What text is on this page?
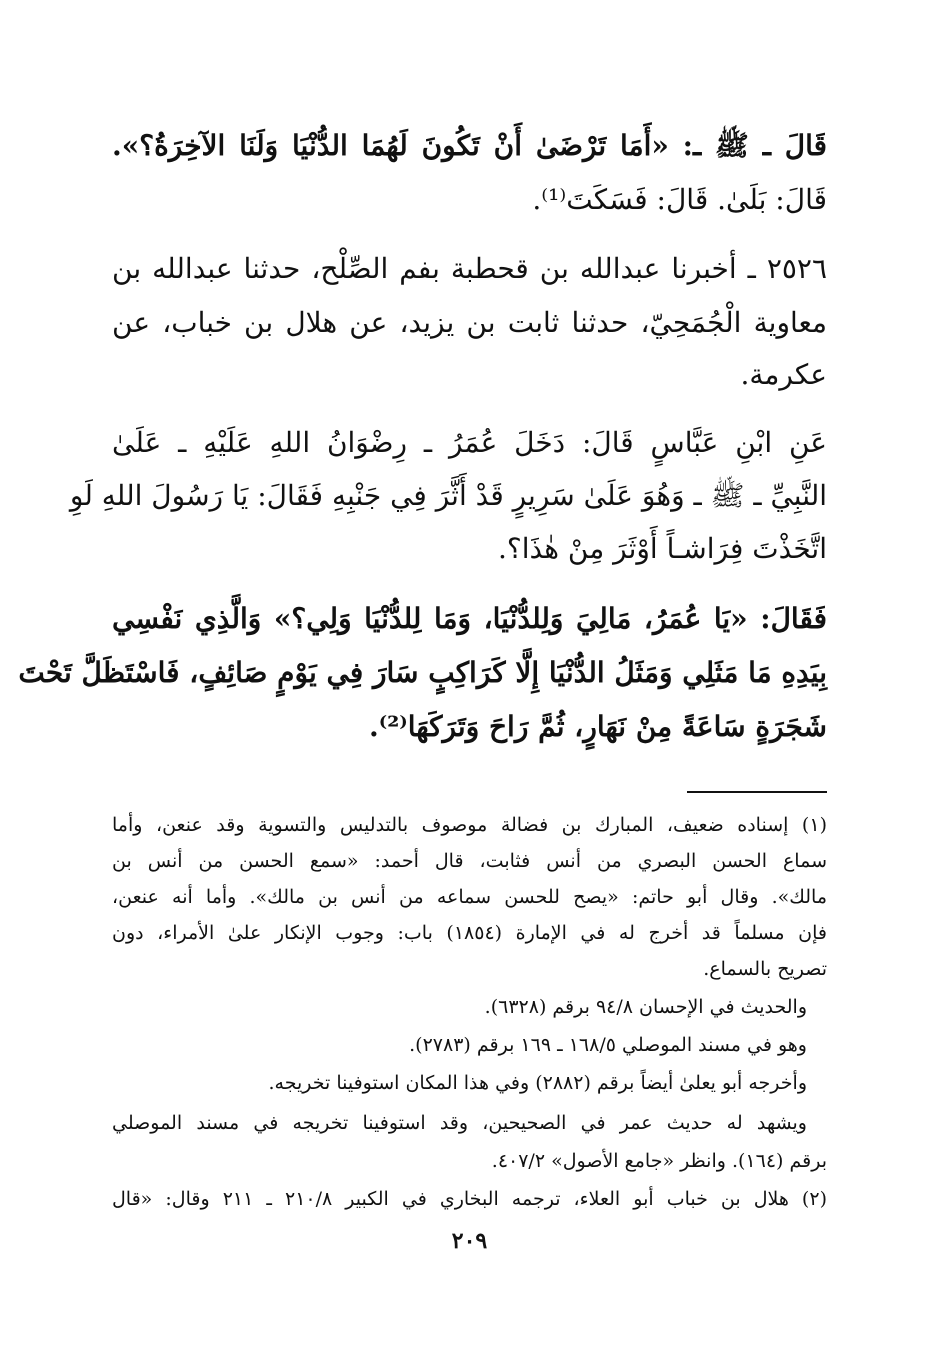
قَالَ ـ ﷺ ـ: «أَمَا تَرْضَىٰ أَنْ تَكُونَ لَهُمَا الدُّنْيَا وَلَنَا الآخِرَةُ؟».
قَالَ: بَلَىٰ. قَالَ: فَسَكَتَ⁽¹⁾.
٢٥٢٦ ـ أخبرنا عبدالله بن قحطبة بفم الصِّلْح، حدثنا عبدالله بن
معاوية الْجُمَحِيّ، حدثنا ثابت بن يزيد، عن هلال بن خباب، عن
عكرمة.
عَنِ ابْنِ عَبَّاسٍ قَالَ: دَخَلَ عُمَرُ ـ رِضْوَانُ اللهِ عَلَيْهِ ـ عَلَىٰ
النَّبِيِّ ـ ﷺ ـ وَهُوَ عَلَىٰ سَرِيرٍ قَدْ أَثَّرَ فِي جَنْبِهِ فَقَالَ: يَا رَسُولَ اللهِ لَوِ
اتَّخَذْتَ فِرَاشـاً أَوْثَرَ مِنْ هٰذَا؟.
فَقَالَ: «يَا عُمَرُ، مَالِيَ وَلِلدُّنْيَا، وَمَا لِلدُّنْيَا وَلِي؟» وَالَّذِي نَفْسِي
بِيَدِهِ مَا مَثَلِي وَمَثَلُ الدُّنْيَا إِلَّا كَرَاكِبٍ سَارَ فِي يَوْمٍ صَائِفٍ، فَاسْتَظَلَّ تَحْتَ
شَجَرَةٍ سَاعَةً مِنْ نَهَارٍ، ثُمَّ رَاحَ وَتَرَكَهَا⁽²⁾.
(١) إسناده ضعيف، المبارك بن فضالة موصوف بالتدليس والتسوية وقد عنعن، وأما
سماع الحسن البصري من أنس فثابت، قال أحمد: «سمع الحسن من أنس بن
مالك». وقال أبو حاتم: «يصح للحسن سماعه من أنس بن مالك». وأما أنه عنعن،
فإن مسلماً قد أخرج له في الإمارة (١٨٥٤) باب: وجوب الإنكار علىٰ الأمراء، دون
تصريح بالسماع.
والحديث في الإحسان ٩٤/٨ برقم (٦٣٢٨).
وهو في مسند الموصلي ١٦٨/٥ ـ ١٦٩ برقم (٢٧٨٣).
وأخرجه أبو يعلىٰ أيضاً برقم (٢٨٨٢) وفي هذا المكان استوفينا تخريجه.
ويشهد له حديث عمر في الصحيحين، وقد استوفينا تخريجه في مسند الموصلي
برقم (١٦٤). وانظر «جامع الأصول» ٤٠٧/٢.
(٢) هلال بن خباب أبو العلاء، ترجمه البخاري في الكبير ٢١٠/٨ ـ ٢١١ وقال: «قال
٢٠٩
